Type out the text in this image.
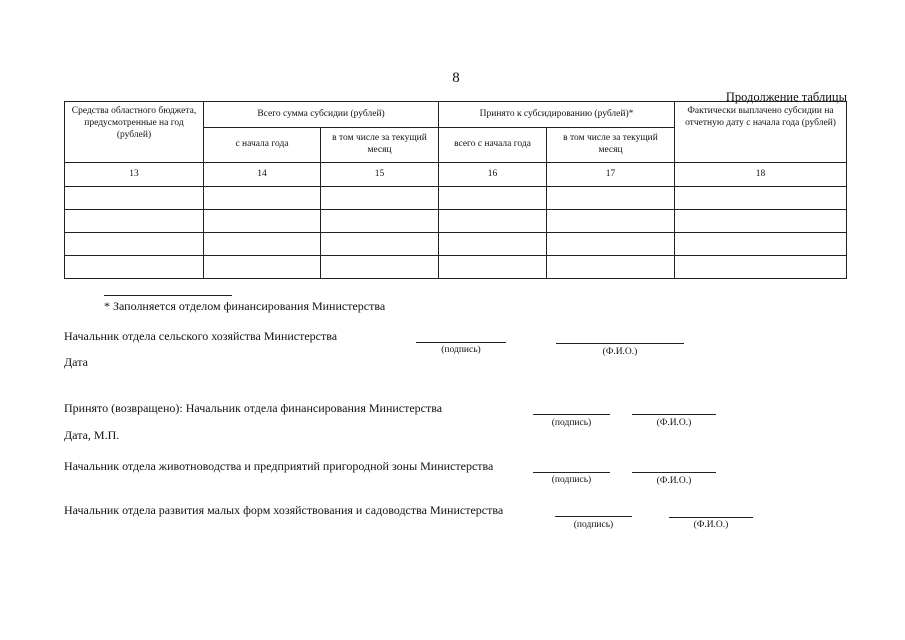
8
Продолжение таблицы
Средства областного бюджета, предусмотренные на год (рублей)	Всего сумма субсидии (рублей)		Принято к субсидированию (рублей)*		Фактически выплачено субсидии на отчетную дату с начала года (рублей)
	с начала года	в том числе за текущий месяц	всего с начала года	в том числе за текущий месяц	
13	14	15	16	17	18

* Заполняется отделом финансирования Министерства
Начальник отдела сельского хозяйства Министерства
(подпись)	(Ф.И.О.)
Дата
Принято (возвращено): Начальник отдела финансирования Министерства
(подпись)	(Ф.И.О.)
Дата, М.П.
Начальник отдела животноводства и предприятий пригородной зоны Министерства
(подпись)	(Ф.И.О.)
Начальник отдела развития малых форм хозяйствования и садоводства Министерства
(подпись)	(Ф.И.О.)
